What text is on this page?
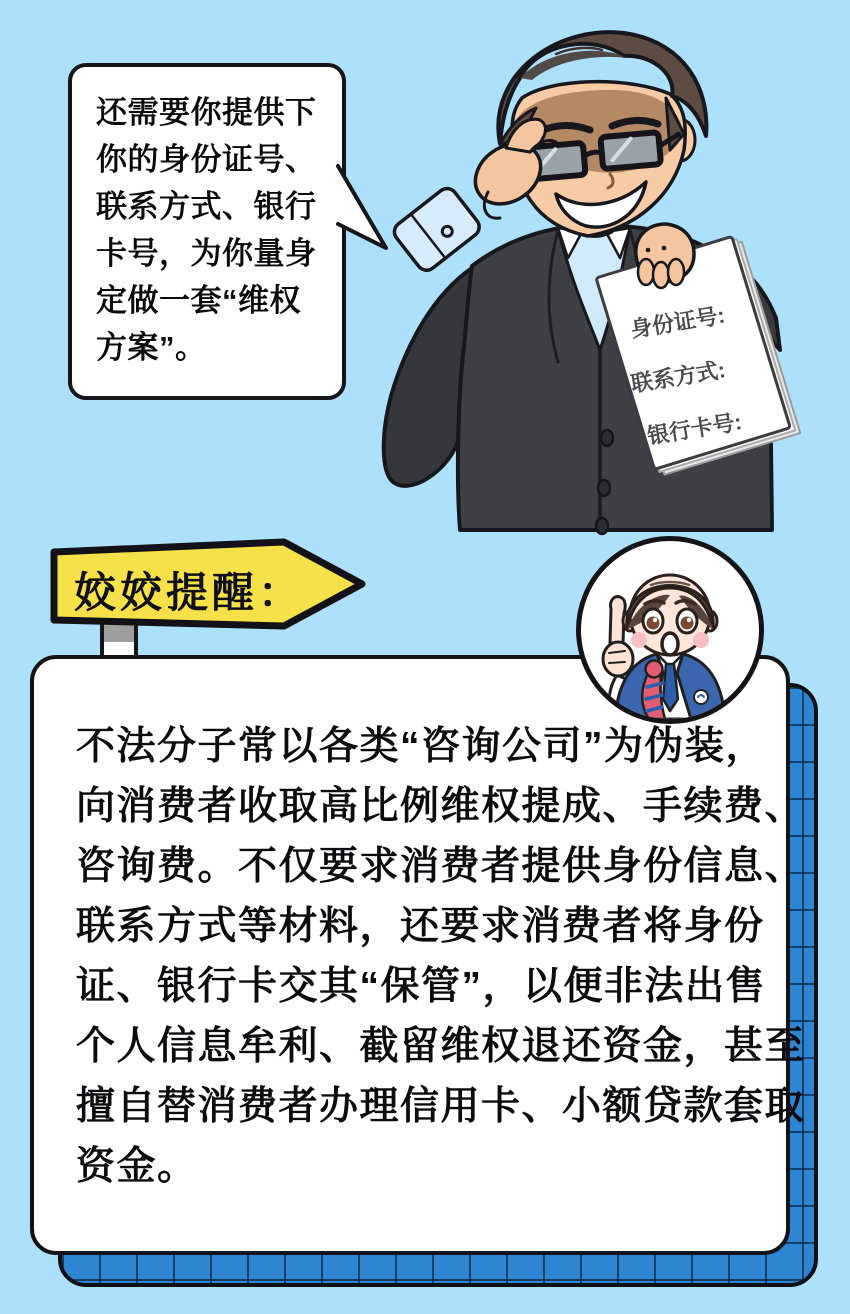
不法分子常以各类“咨询公司”为伪装，
向消费者收取高比例维权提成、手续费、
咨询费。不仅要求消费者提供身份信息、
联系方式等材料，还要求消费者将身份
证、银行卡交其“保管”，以便非法出售
个人信息牟利、截留维权退还资金，甚至
擅自替消费者办理信用卡、小额贷款套取
资金。
身份证号:
联系方式:
银行卡号:
还需要你提供下
你的身份证号、
联系方式、银行
卡号，为你量身
定做一套“维权
方案”。
姣姣提醒：
